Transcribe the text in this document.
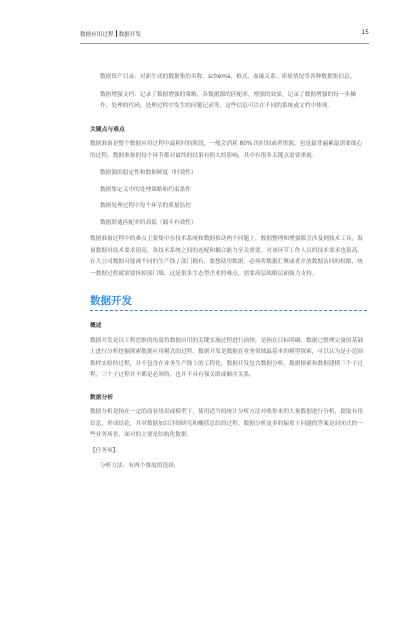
数据应用过程 数据开发	15

数据资产目录：对新生成的数据集的名称、schema、格式、血缘关系、质量情况等各种数据集信息。

数据增强文档：记录了数据增强的策略，各数据源的匹配率，增强的效果，记录了数据增强的每一步操作，处理的代码，处理过程中发生的问题记录等。这些信息可以在不同的系统或文档中体现。

关键点与难点

数据准备是整个数据应用过程中最耗时的阶段，一般会消耗 80% 的时间或者资源，也是最普遍累最需要细心的过程。数据准备的每个环节都对最终的结果有很大的影响，其中有很多关键点需要重视：

数据源的稳定性和数据鲜度（时效性）
数据集定义中的处理策略和约束条件
数据处理过程中每个环节的质量监控
数据联通匹配率的高低（漏斗有效性）

数据准备过程中的难点主要集中在技术系统和数据拟动两个问题上。数据整理和增强都会涉及到技术工具，海量数据对技术要求很高，各技术系统之间的连配和耦合能力至关重要，对该环节工作人员的技术要求也很高。在大公司数据可能被不同的生产线 / 部门拥有，要想使用数据，必须将数据汇聚或者开放数据访问的权限，统一数据过程就需要拆掉部门墙，这是很多生态型企业的难点，需要高层战略层面强力支持。

数据开发

概述

数据开发是以工程思维的角度将数据应用的关键实施过程进行演绎，是指在目标明确、数据已整理完备的基础上进行分析挖掘探索数据应用模式的过程。数据开发是数据在业务领域最基本的模型探索，可以认为是小范围推样实验的过程，并不包含在业务生产线上的工程化。数据开发包含数据分析、数据探索和数据建模三个子过程，三个子过程并不都是必须的，也并不具有强关联或顺序关系。

数据分析

数据分析是指在一定的商业场景或模型下，使用适当的统计分析方法对收集来的大量数据进行分析，提取有用信息，形成结论，并对数据加以详细研究和概括总结的过程。数据分析更多的偏重于问题的答案是封闭式的一些业务场景，面对的主要是结构化数据。

【任务项】：

分析方法：有两个维度的选择，
